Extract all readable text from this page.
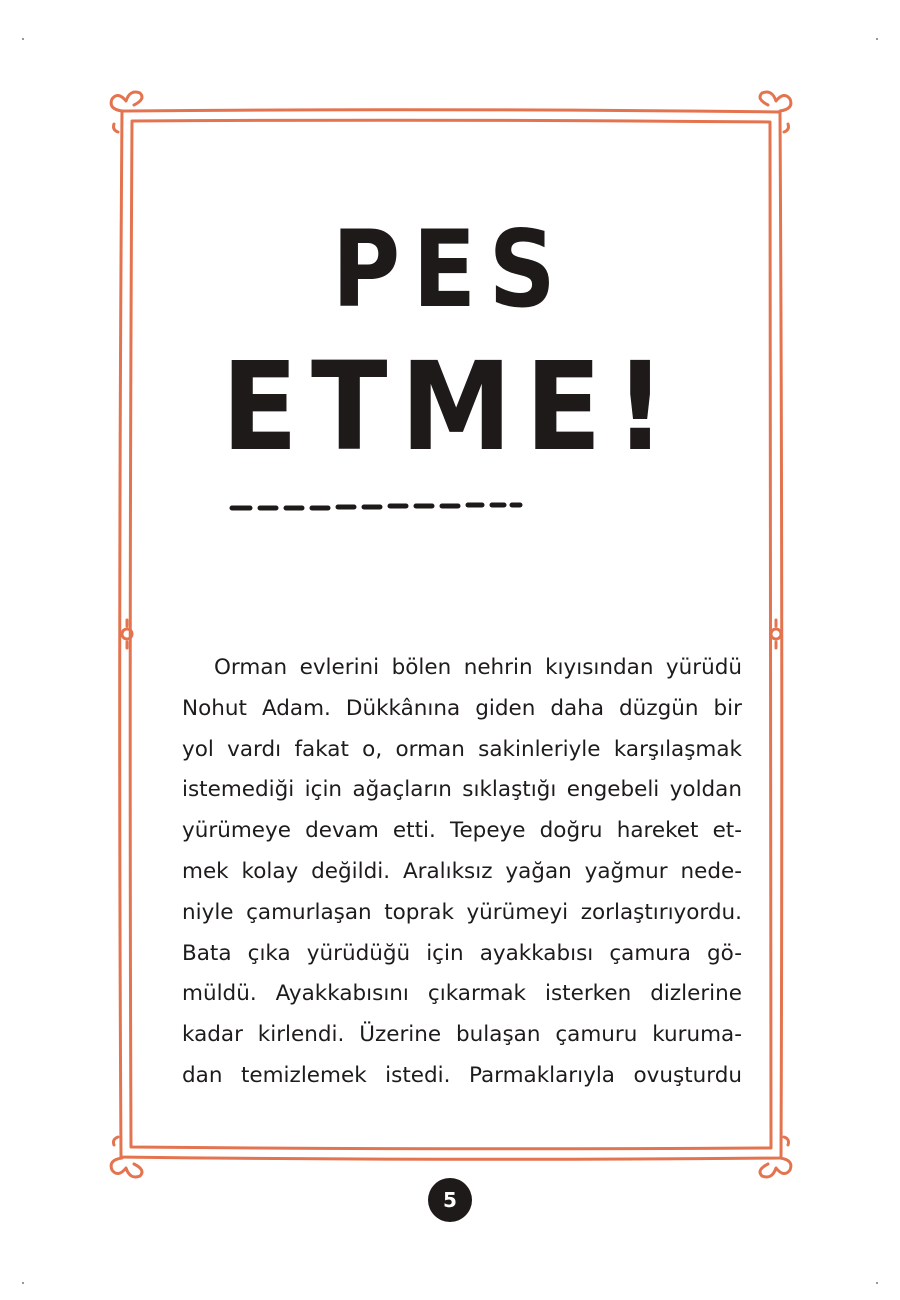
PES
ETME!
Orman evlerini bölen nehrin kıyısından yürüdü
Nohut Adam. Dükkânına giden daha düzgün bir
yol vardı fakat o, orman sakinleriyle karşılaşmak
istemediği için ağaçların sıklaştığı engebeli yoldan
yürümeye devam etti. Tepeye doğru hareket et-
mek kolay değildi. Aralıksız yağan yağmur nede-
niyle çamurlaşan toprak yürümeyi zorlaştırıyordu.
Bata çıka yürüdüğü için ayakkabısı çamura gö-
müldü. Ayakkabısını çıkarmak isterken dizlerine
kadar kirlendi. Üzerine bulaşan çamuru kuruma-
dan temizlemek istedi. Parmaklarıyla ovuşturdu
5
